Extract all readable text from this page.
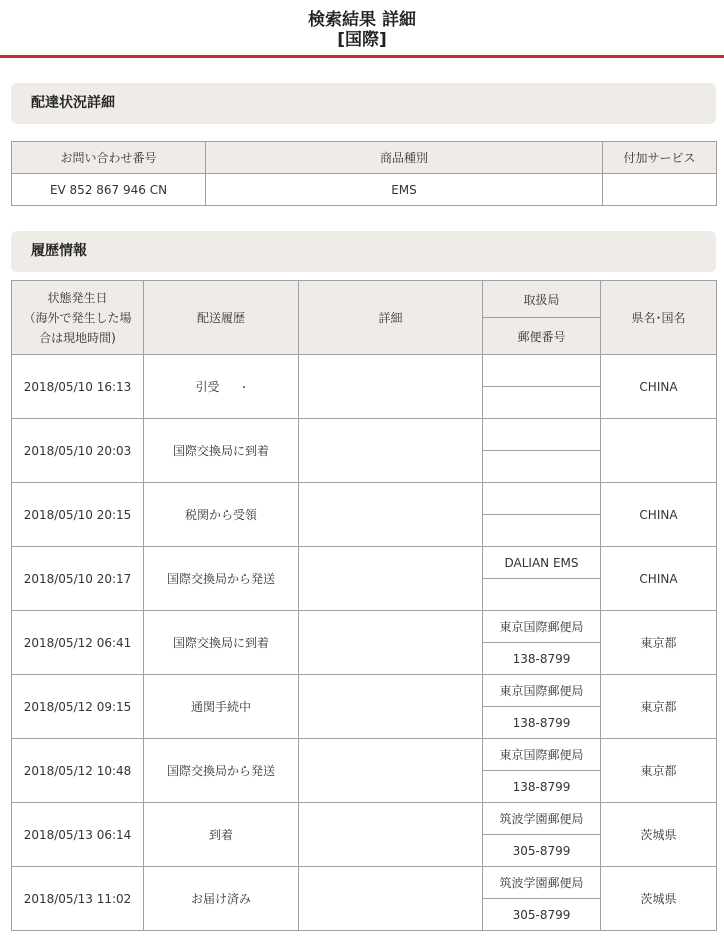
検索結果 詳細
[国際]
配達状況詳細
お問い合わせ番号	商品種別	付加サービス
EV 852 867 946 CN	EMS	
履歴情報
状態発生日
（海外で発生した場
合は現地時間)	配送履歴	詳細	取扱局	県名･国名
			郵便番号	
2018/05/10 16:13	引受 ･			CHINA

2018/05/10 20:03	国際交換局に到着			

2018/05/10 20:15	税関から受領			CHINA

2018/05/10 20:17	国際交換局から発送		DALIAN EMS	CHINA

2018/05/12 06:41	国際交換局に到着		東京国際郵便局	東京都
			138-8799	
2018/05/12 09:15	通関手続中		東京国際郵便局	東京都
			138-8799	
2018/05/12 10:48	国際交換局から発送		東京国際郵便局	東京都
			138-8799	
2018/05/13 06:14	到着		筑波学園郵便局	茨城県
			305-8799	
2018/05/13 11:02	お届け済み		筑波学園郵便局	茨城県
			305-8799	
